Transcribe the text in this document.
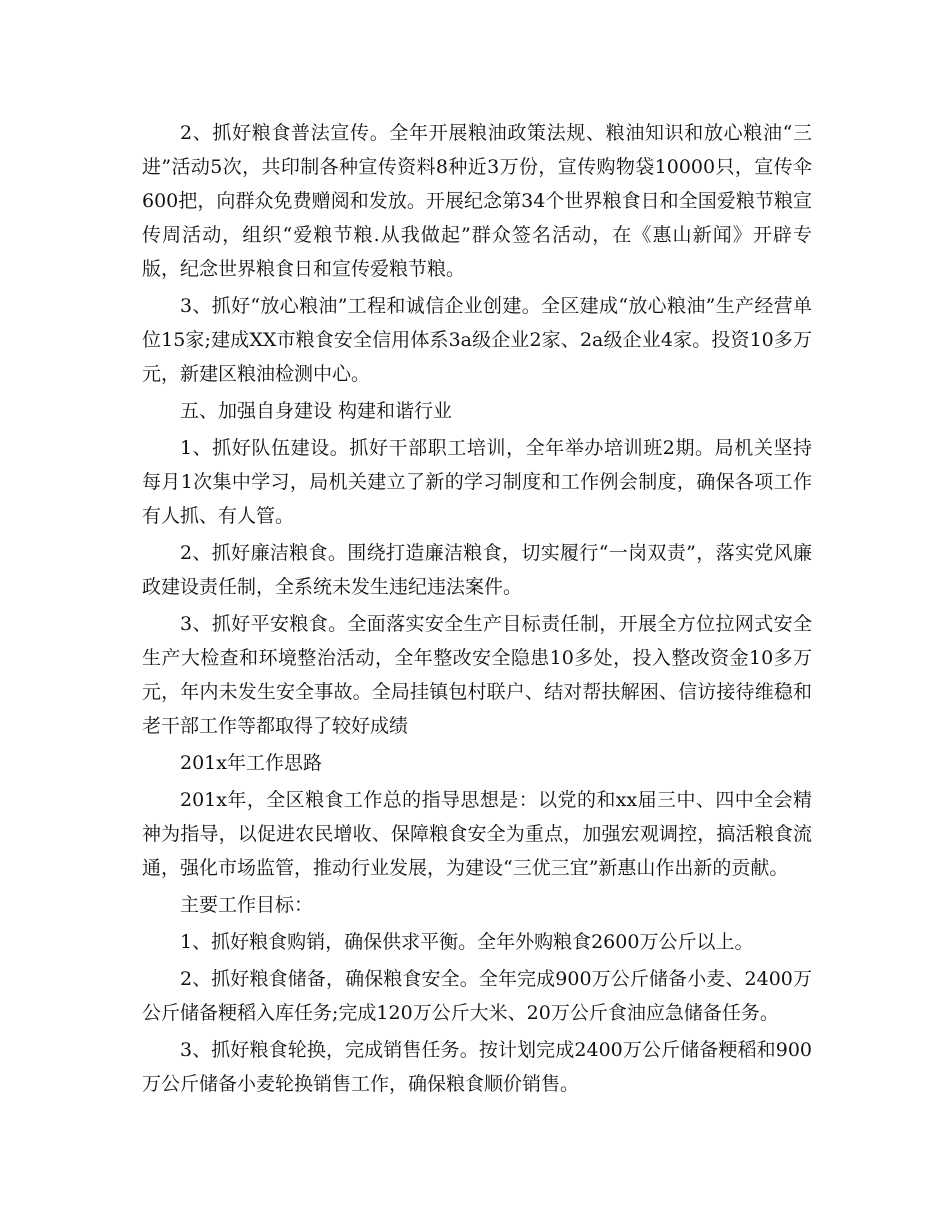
2、抓好粮食普法宣传。全年开展粮油政策法规、粮油知识和放心粮油“三进”活动5次，共印制各种宣传资料8种近3万份，宣传购物袋10000只，宣传伞600把，向群众免费赠阅和发放。开展纪念第34个世界粮食日和全国爱粮节粮宣传周活动，组织“爱粮节粮.从我做起”群众签名活动，在《惠山新闻》开辟专版，纪念世界粮食日和宣传爱粮节粮。

3、抓好“放心粮油”工程和诚信企业创建。全区建成“放心粮油”生产经营单位15家;建成XX市粮食安全信用体系3a级企业2家、2a级企业4家。投资10多万元，新建区粮油检测中心。

五、加强自身建设 构建和谐行业

1、抓好队伍建设。抓好干部职工培训，全年举办培训班2期。局机关坚持每月1次集中学习，局机关建立了新的学习制度和工作例会制度，确保各项工作有人抓、有人管。

2、抓好廉洁粮食。围绕打造廉洁粮食，切实履行“一岗双责”，落实党风廉政建设责任制，全系统未发生违纪违法案件。

3、抓好平安粮食。全面落实安全生产目标责任制，开展全方位拉网式安全生产大检查和环境整治活动，全年整改安全隐患10多处，投入整改资金10多万元，年内未发生安全事故。全局挂镇包村联户、结对帮扶解困、信访接待维稳和老干部工作等都取得了较好成绩

201x年工作思路

201x年，全区粮食工作总的指导思想是：以党的和xx届三中、四中全会精神为指导，以促进农民增收、保障粮食安全为重点，加强宏观调控，搞活粮食流通，强化市场监管，推动行业发展，为建设“三优三宜”新惠山作出新的贡献。

主要工作目标：

1、抓好粮食购销，确保供求平衡。全年外购粮食2600万公斤以上。

2、抓好粮食储备，确保粮食安全。全年完成900万公斤储备小麦、2400万公斤储备粳稻入库任务;完成120万公斤大米、20万公斤食油应急储备任务。

3、抓好粮食轮换，完成销售任务。按计划完成2400万公斤储备粳稻和900万公斤储备小麦轮换销售工作，确保粮食顺价销售。
